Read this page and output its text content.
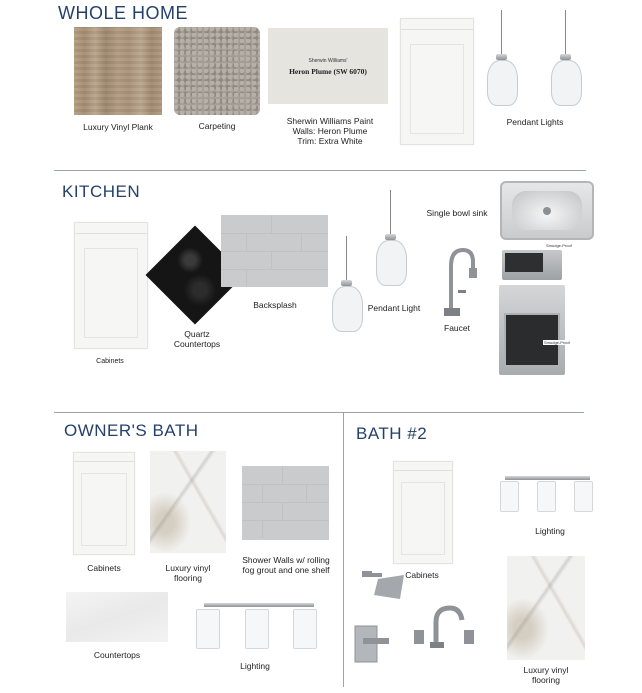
WHOLE HOME
Luxury Vinyl Plank	Carpeting
Sherwin Williams'
Heron Plume (SW 6070)
Sherwin Williams Paint
Walls: Heron Plume
Trim: Extra White
Pendant Lights
KITCHEN
Cabinets
Quartz
Countertops
Backsplash	Pendant Light
Faucet
Single bowl sink
Smudge-Proof
Smudge-Proof
OWNER'S BATH
Cabinets	Luxury vinyl
flooring
Shower Walls w/ rolling
fog grout and one shelf
Countertops
Lighting
BATH #2
Cabinets
Lighting
Luxury vinyl
flooring
